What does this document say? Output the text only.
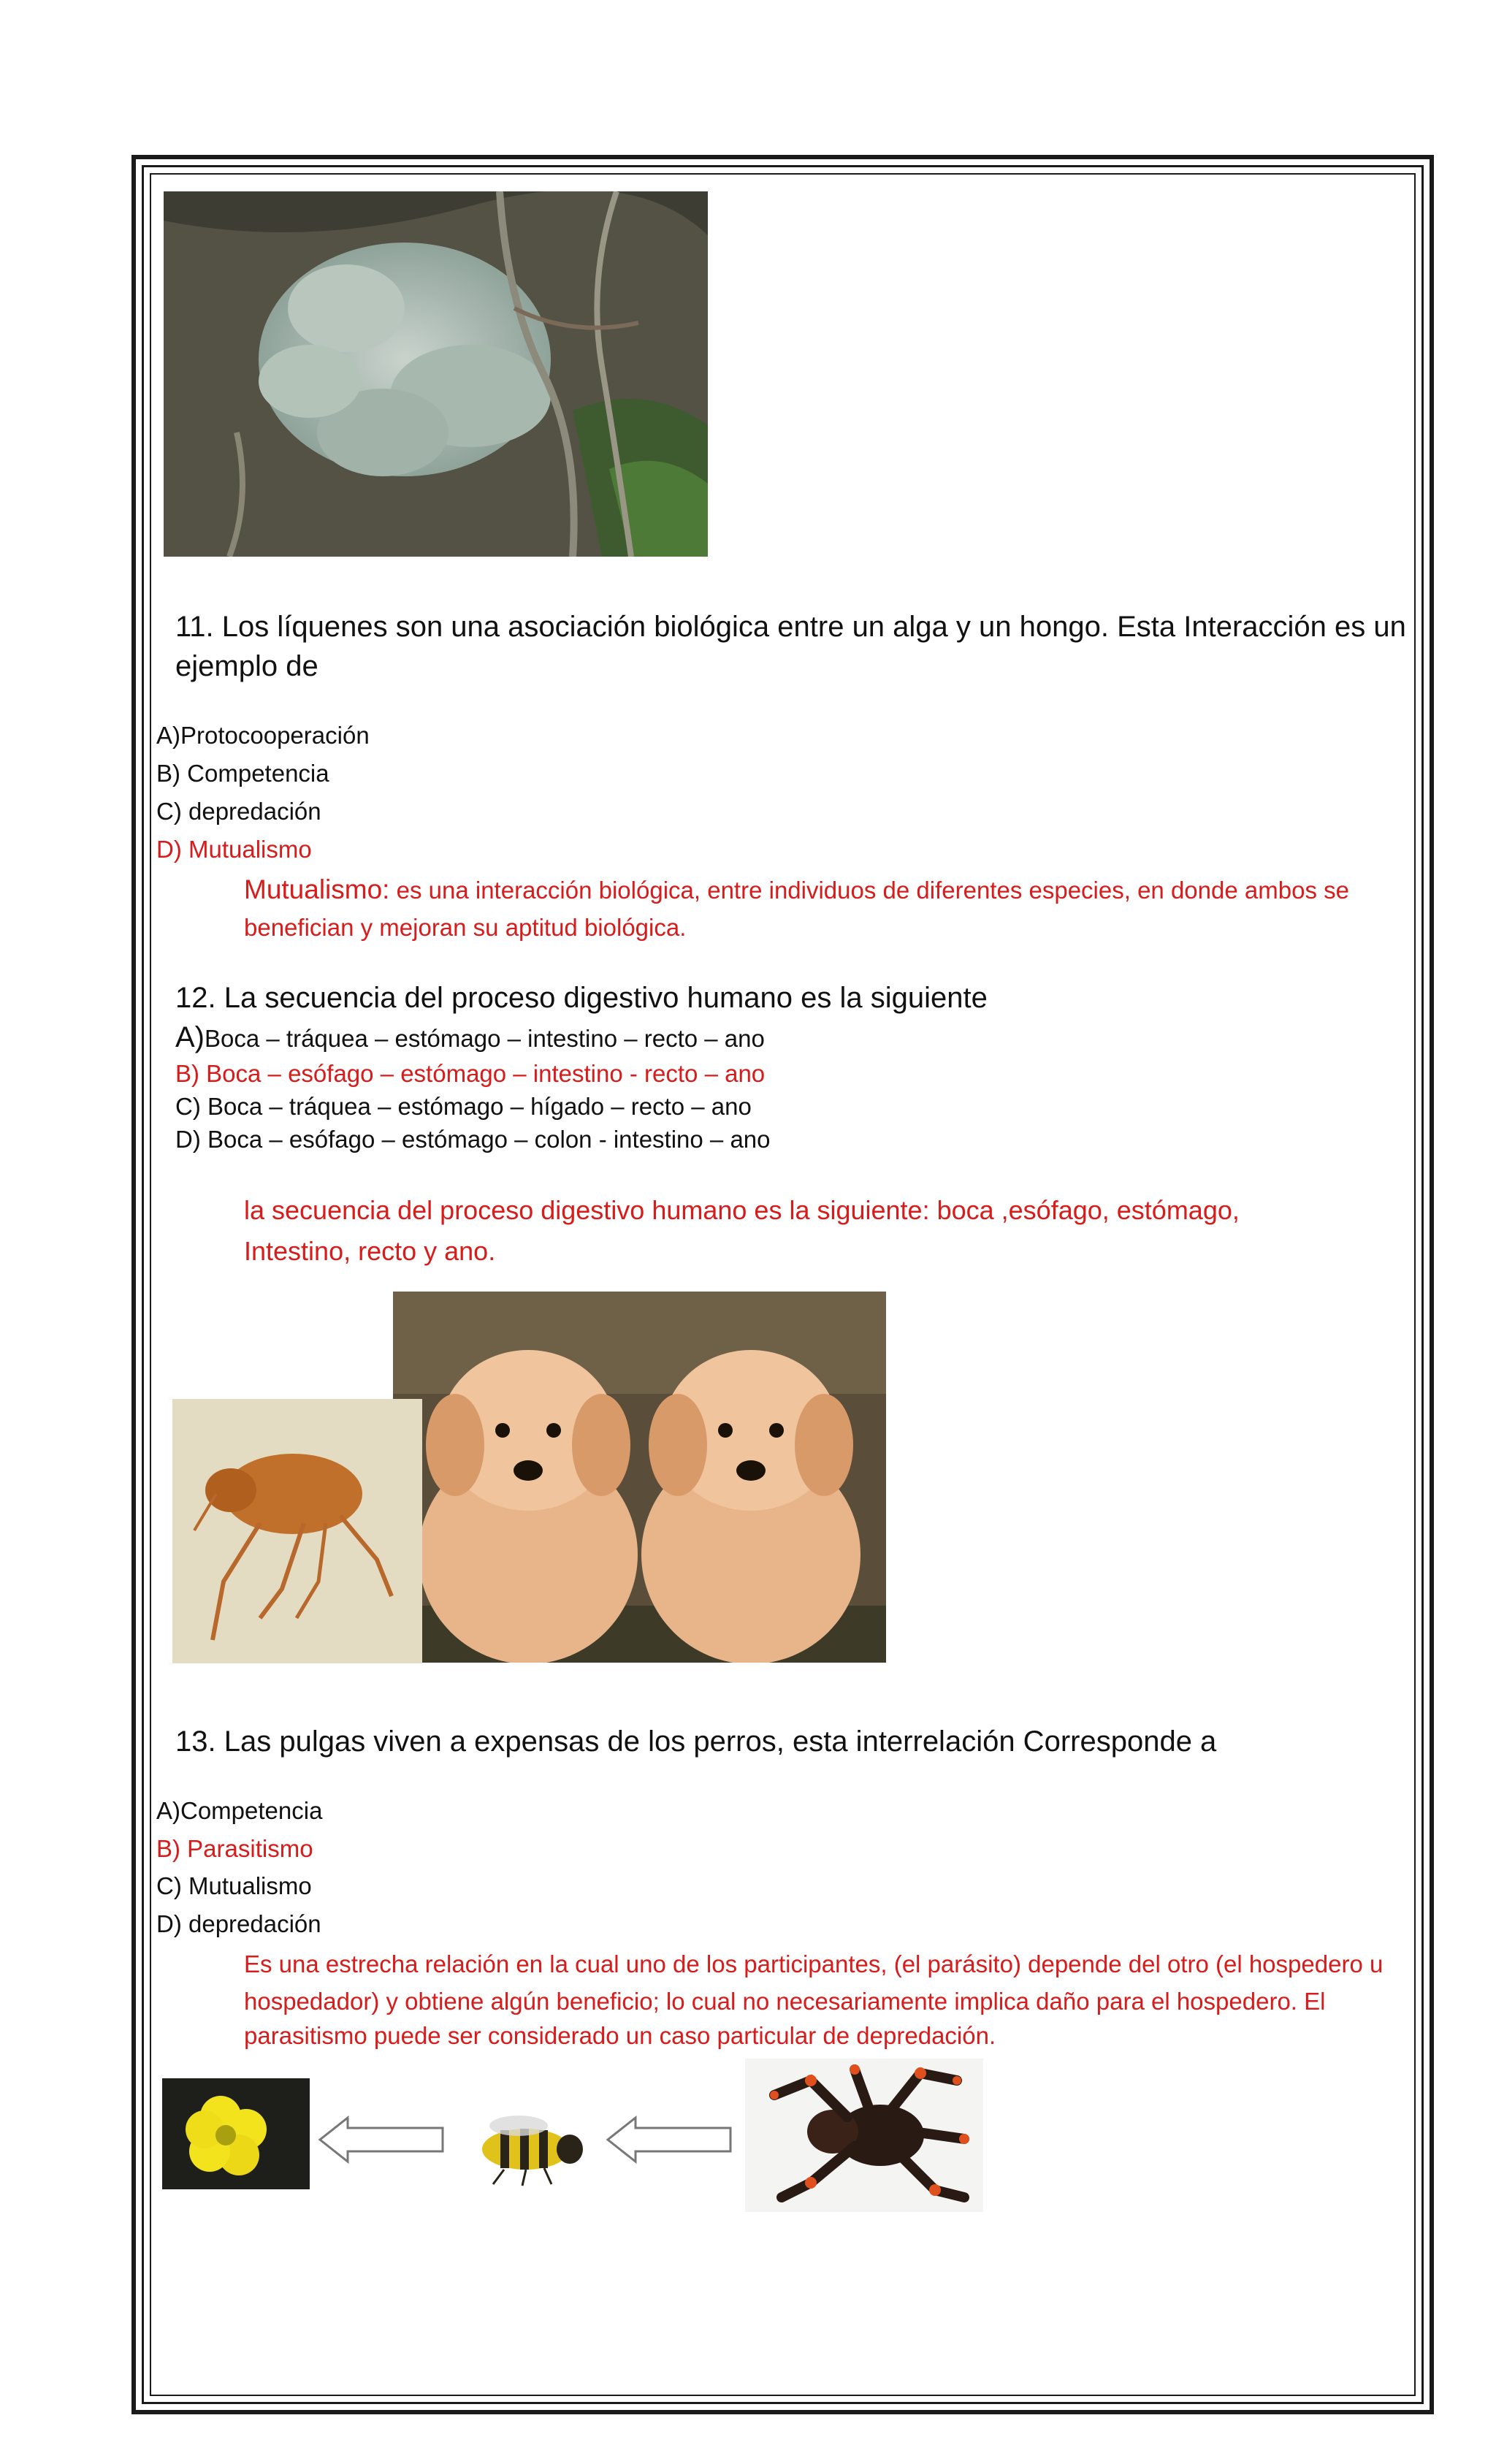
11. Los líquenes son una asociación biológica entre un alga y un hongo. Esta Interacción es un
ejemplo de
A)Protocooperación
B) Competencia
C) depredación
D) Mutualismo
Mutualismo: es una interacción biológica, entre individuos de diferentes especies, en donde ambos se
benefician y mejoran su aptitud biológica.
12. La secuencia del proceso digestivo humano es la siguiente
A)Boca – tráquea – estómago – intestino – recto – ano
B) Boca – esófago – estómago – intestino - recto – ano
C) Boca – tráquea – estómago – hígado – recto – ano
D) Boca – esófago – estómago – colon - intestino – ano
la secuencia del proceso digestivo humano es la siguiente: boca ,esófago, estómago,
Intestino, recto y ano.
13. Las pulgas viven a expensas de los perros, esta interrelación Corresponde a
A)Competencia
B) Parasitismo
C) Mutualismo
D) depredación
Es una estrecha relación en la cual uno de los participantes, (el parásito) depende del otro (el hospedero u
hospedador) y obtiene algún beneficio; lo cual no necesariamente implica daño para el hospedero. El
parasitismo puede ser considerado un caso particular de depredación.
